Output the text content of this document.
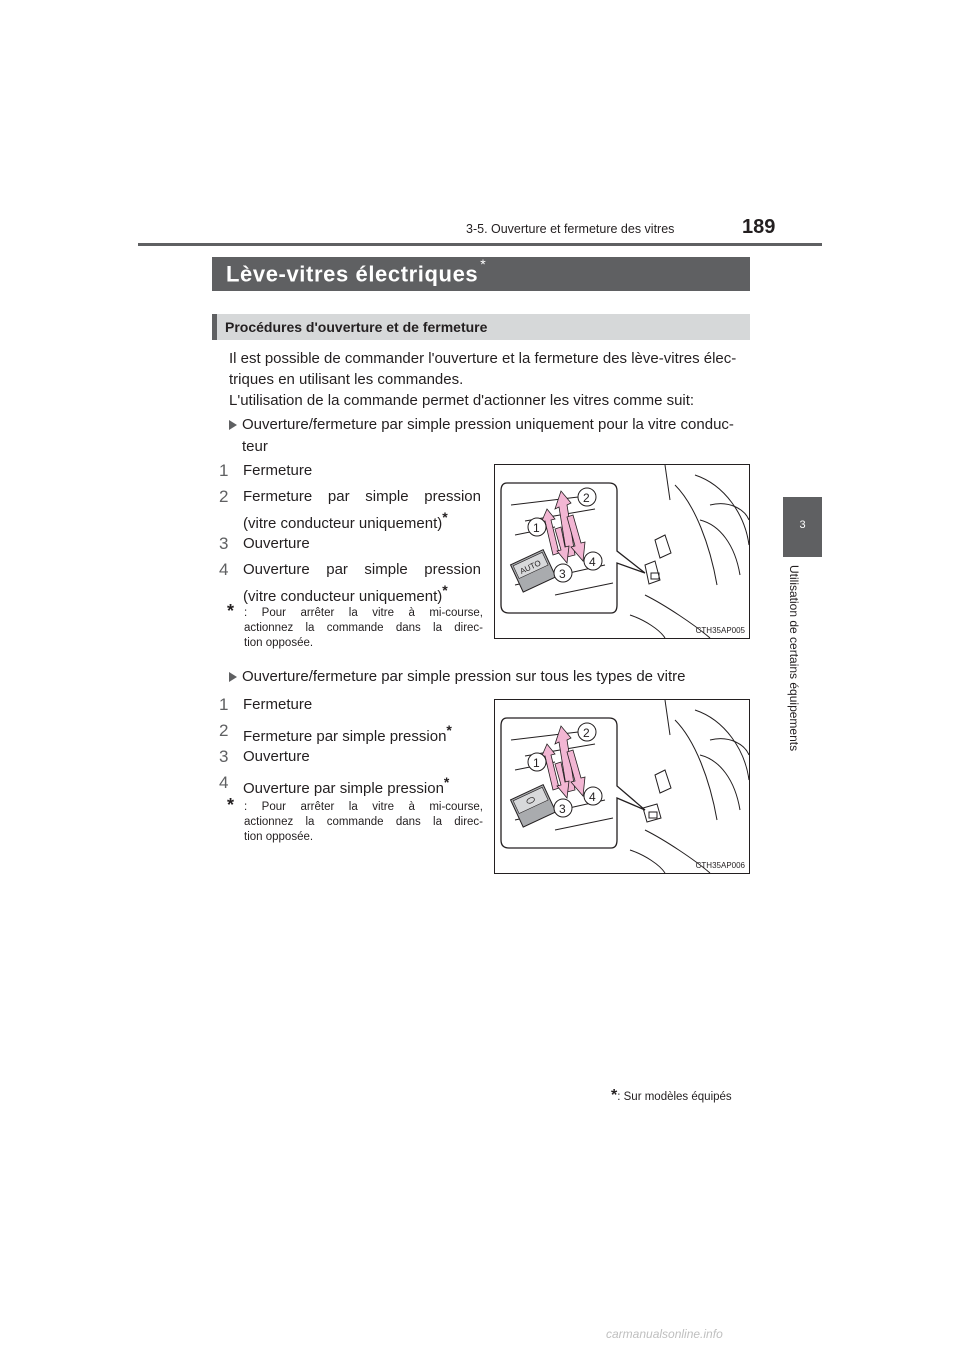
3-5. Ouverture et fermeture des vitres	189
3
Utilisation de certains équipements
Lève-vitres électriques *
Procédures d'ouverture et de fermeture
Il est possible de commander l'ouverture et la fermeture des lève-vitres élec-
triques en utilisant les commandes.
L'utilisation de la commande permet d'actionner les vitres comme suit:
Ouverture/fermeture par simple pression uniquement pour la vitre conduc-
teur
1 Fermeture
2 Fermeture par simple pression
(vitre conducteur uniquement)*
3 Ouverture
4 Ouverture par simple pression
(vitre conducteur uniquement)*
* : Pour arrêter la vitre à mi-course,
actionnez la commande dans la direc-
tion opposée.
AUTO
2
1
4
3
CTH35AP005
Ouverture/fermeture par simple pression sur tous les types de vitre
1 Fermeture
2 Fermeture par simple pression*
3 Ouverture
4 Ouverture par simple pression*
* : Pour arrêter la vitre à mi-course,
actionnez la commande dans la direc-
tion opposée.
2
1
4
3
CTH35AP006
*: Sur modèles équipés
carmanualsonline.info
